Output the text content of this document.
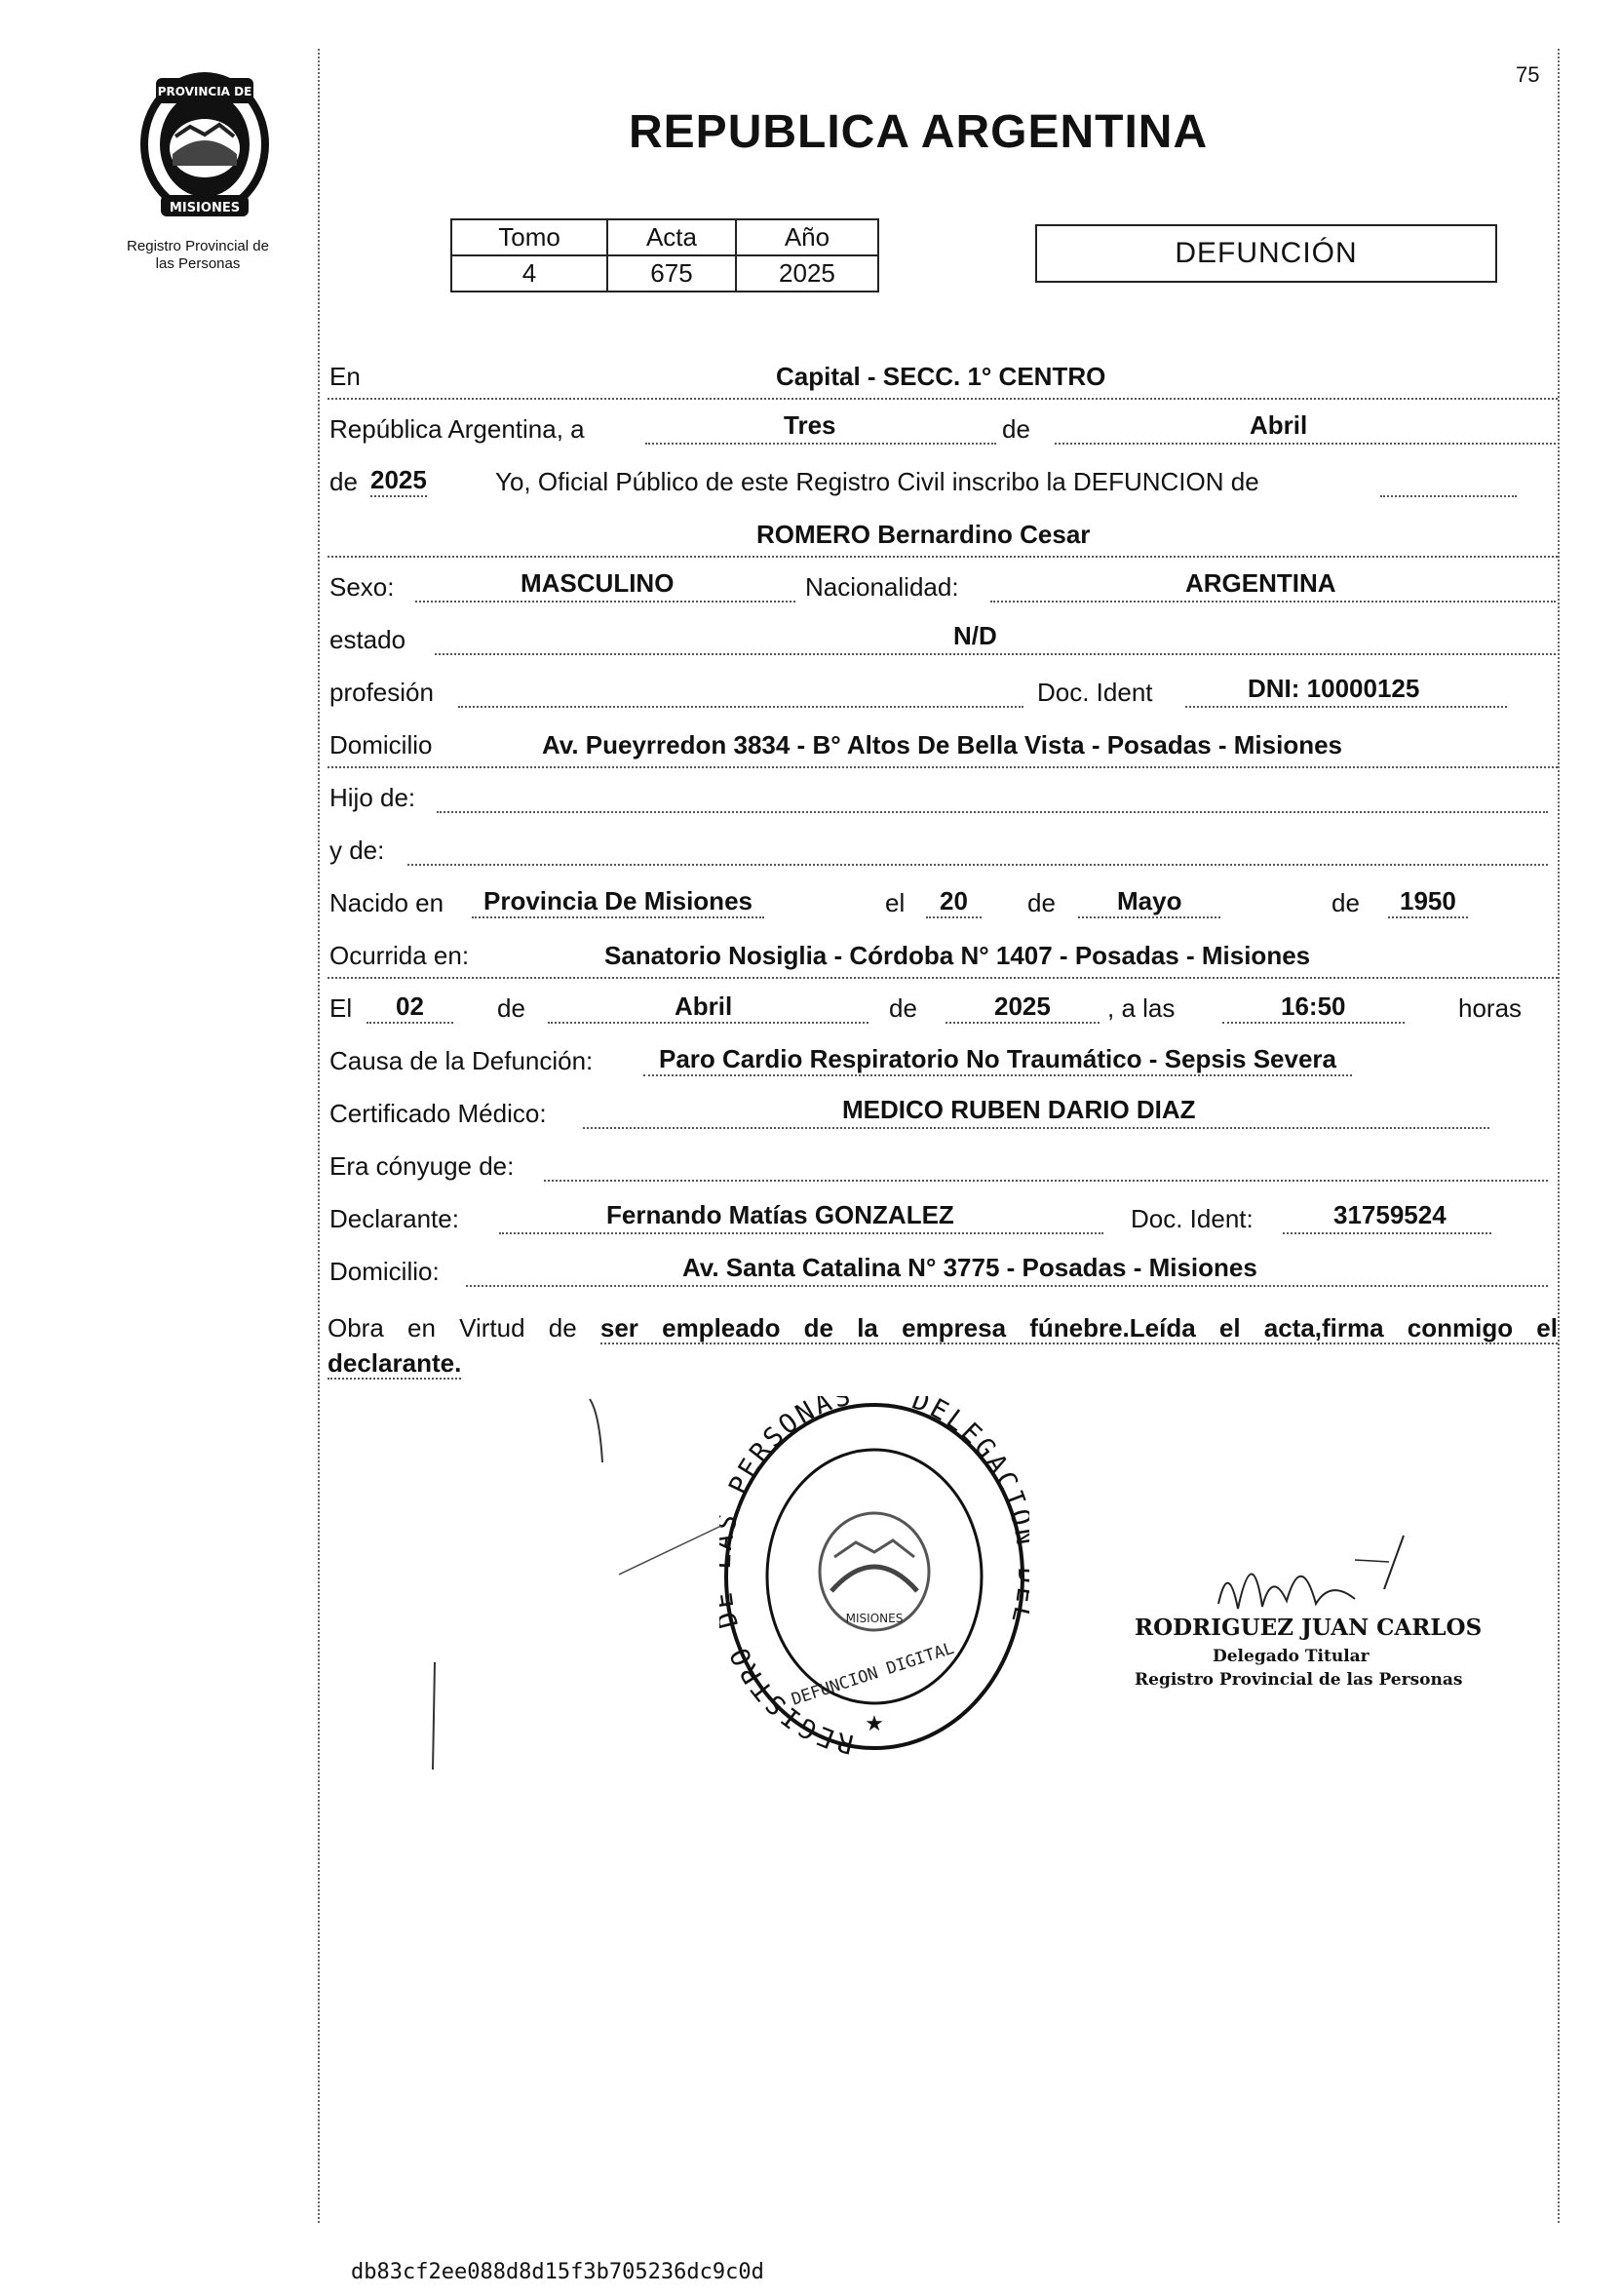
PROVINCIA DE
MISIONES
Registro Provincial de
las Personas
75
REPUBLICA ARGENTINA
Tomo	Acta	Año
4	675	2025
DEFUNCIÓN
En	Capital - SECC. 1° CENTRO
República Argentina, a	Tres	de	Abril
de 2025	Yo, Oficial Público de este Registro Civil inscribo la DEFUNCION de
ROMERO Bernardino Cesar
Sexo:	MASCULINO	Nacionalidad:	ARGENTINA
estado	N/D
profesión	Doc. Ident	DNI: 10000125
Domicilio	Av. Pueyrredon 3834 - B° Altos De Bella Vista - Posadas - Misiones
Hijo de:
y de:
Nacido en	Provincia De Misiones	el	20	de	Mayo	de	1950
Ocurrida en:	Sanatorio Nosiglia - Córdoba N° 1407 - Posadas - Misiones
El	02	de	Abril	de	2025	, a las	16:50	horas
Causa de la Defunción:	Paro Cardio Respiratorio No Traumático - Sepsis Severa
Certificado Médico:	MEDICO RUBEN DARIO DIAZ
Era cónyuge de:
Declarante:	Fernando Matías GONZALEZ	Doc. Ident:	31759524
Domicilio:	Av. Santa Catalina N° 3775 - Posadas - Misiones
Obra en Virtud de ser empleado de la empresa fúnebre.Leída el acta,firma conmigo el
declarante.
REGISTRO PERSONAS DELEGACI
MISIONES
DEFUNCION DIGITAL
★
RODRIGUEZ JUAN CARLOS
Delegado Titular
Registro Provincial de las Personas
db83cf2ee088d8d15f3b705236dc9c0d
